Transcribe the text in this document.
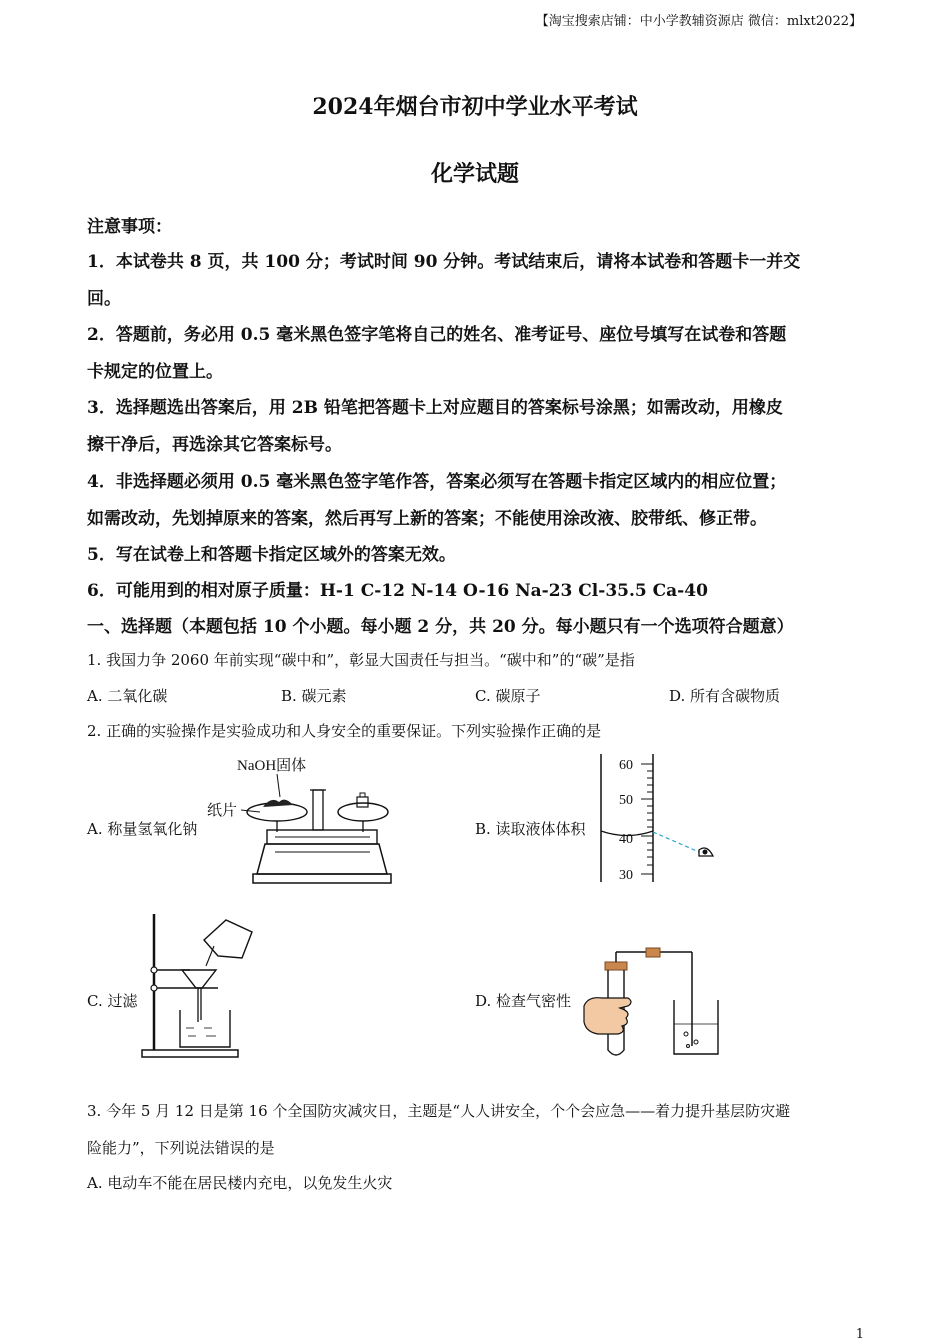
【淘宝搜索店铺：中小学教辅资源店 微信：mlxt2022】
2024年烟台市初中学业水平考试
化学试题
注意事项：
1．本试卷共 8 页，共 100 分；考试时间 90 分钟。考试结束后，请将本试卷和答题卡一并交
回。
2．答题前，务必用 0.5 毫米黑色签字笔将自己的姓名、准考证号、座位号填写在试卷和答题
卡规定的位置上。
3．选择题选出答案后，用 2B 铅笔把答题卡上对应题目的答案标号涂黑；如需改动，用橡皮
擦干净后，再选涂其它答案标号。
4．非选择题必须用 0.5 毫米黑色签字笔作答，答案必须写在答题卡指定区域内的相应位置；
如需改动，先划掉原来的答案，然后再写上新的答案；不能使用涂改液、胶带纸、修正带。
5．写在试卷上和答题卡指定区域外的答案无效。
6．可能用到的相对原子质量：H-1 C-12 N-14 O-16 Na-23 Cl-35.5 Ca-40
一、选择题（本题包括 10 个小题。每小题 2 分，共 20 分。每小题只有一个选项符合题意）
1. 我国力争 2060 年前实现“碳中和”，彰显大国责任与担当。“碳中和”的“碳”是指
A. 二氧化碳	B. 碳元素	C. 碳原子	D. 所有含碳物质
2. 正确的实验操作是实验成功和人身安全的重要保证。下列实验操作正确的是
A. 称量氢氧化钠	B. 读取液体体积
C. 过滤	D. 检查气密性
NaOH固体
纸片
60
50
40
30
3. 今年 5 月 12 日是第 16 个全国防灾减灾日，主题是“人人讲安全，个个会应急——着力提升基层防灾避
险能力”，下列说法错误的是
A. 电动车不能在居民楼内充电，以免发生火灾
1
